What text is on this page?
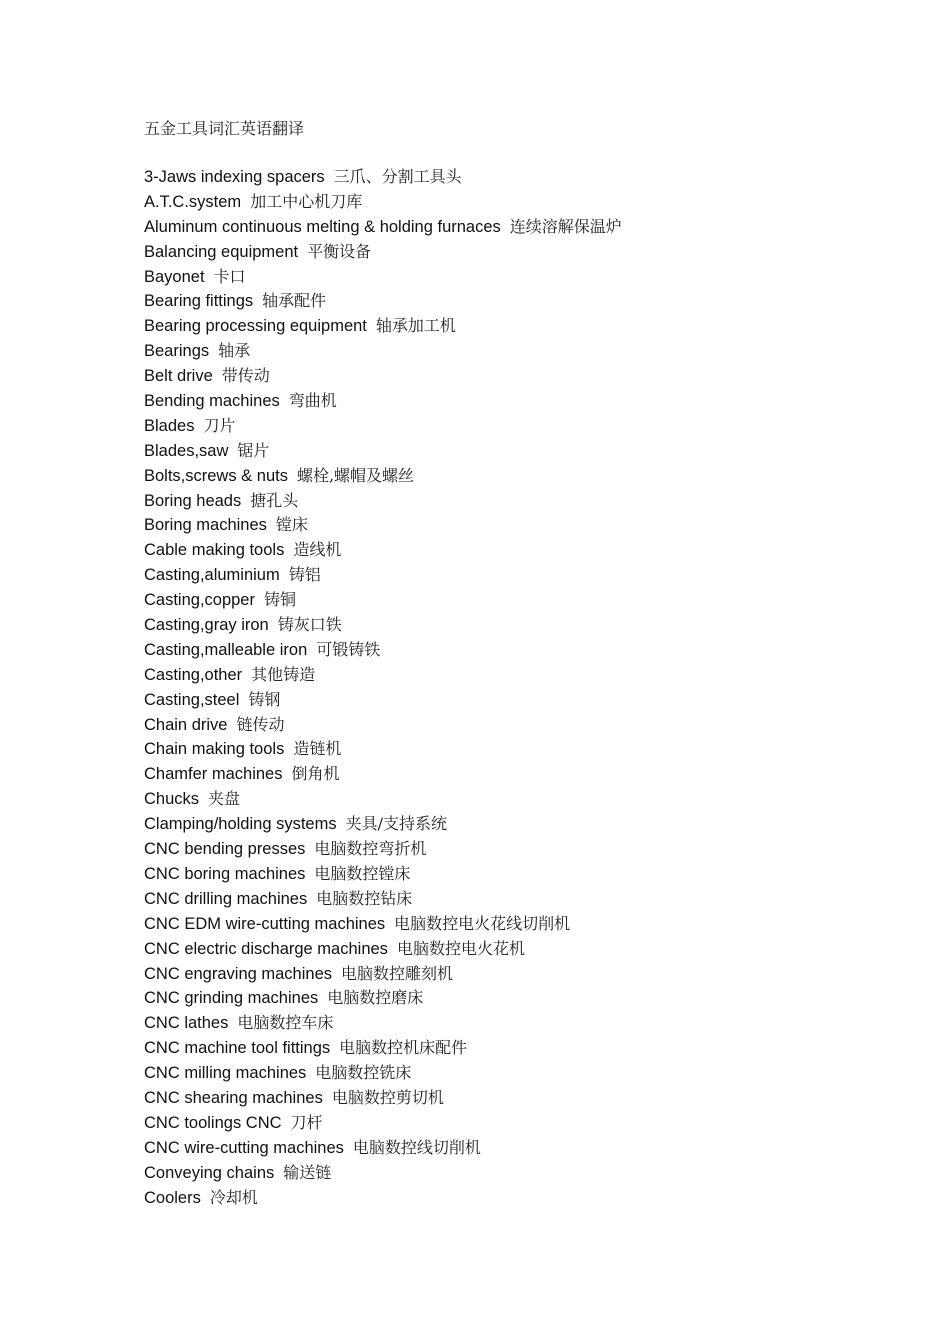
五金工具词汇英语翻译
3-Jaws indexing spacers 三爪、分割工具头
A.T.C.system 加工中心机刀库
Aluminum continuous melting & holding furnaces 连续溶解保温炉
Balancing equipment 平衡设备
Bayonet 卡口
Bearing fittings 轴承配件
Bearing processing equipment 轴承加工机
Bearings 轴承
Belt drive 带传动
Bending machines 弯曲机
Blades 刀片
Blades,saw 锯片
Bolts,screws & nuts 螺栓,螺帽及螺丝
Boring heads 搪孔头
Boring machines 镗床
Cable making tools 造线机
Casting,aluminium 铸铝
Casting,copper 铸铜
Casting,gray iron 铸灰口铁
Casting,malleable iron 可锻铸铁
Casting,other 其他铸造
Casting,steel 铸钢
Chain drive 链传动
Chain making tools 造链机
Chamfer machines 倒角机
Chucks 夹盘
Clamping/holding systems 夹具/支持系统
CNC bending presses 电脑数控弯折机
CNC boring machines 电脑数控镗床
CNC drilling machines 电脑数控钻床
CNC EDM wire-cutting machines 电脑数控电火花线切削机
CNC electric discharge machines 电脑数控电火花机
CNC engraving machines 电脑数控雕刻机
CNC grinding machines 电脑数控磨床
CNC lathes 电脑数控车床
CNC machine tool fittings 电脑数控机床配件
CNC milling machines 电脑数控铣床
CNC shearing machines 电脑数控剪切机
CNC toolings CNC 刀杆
CNC wire-cutting machines 电脑数控线切削机
Conveying chains 输送链
Coolers 冷却机
